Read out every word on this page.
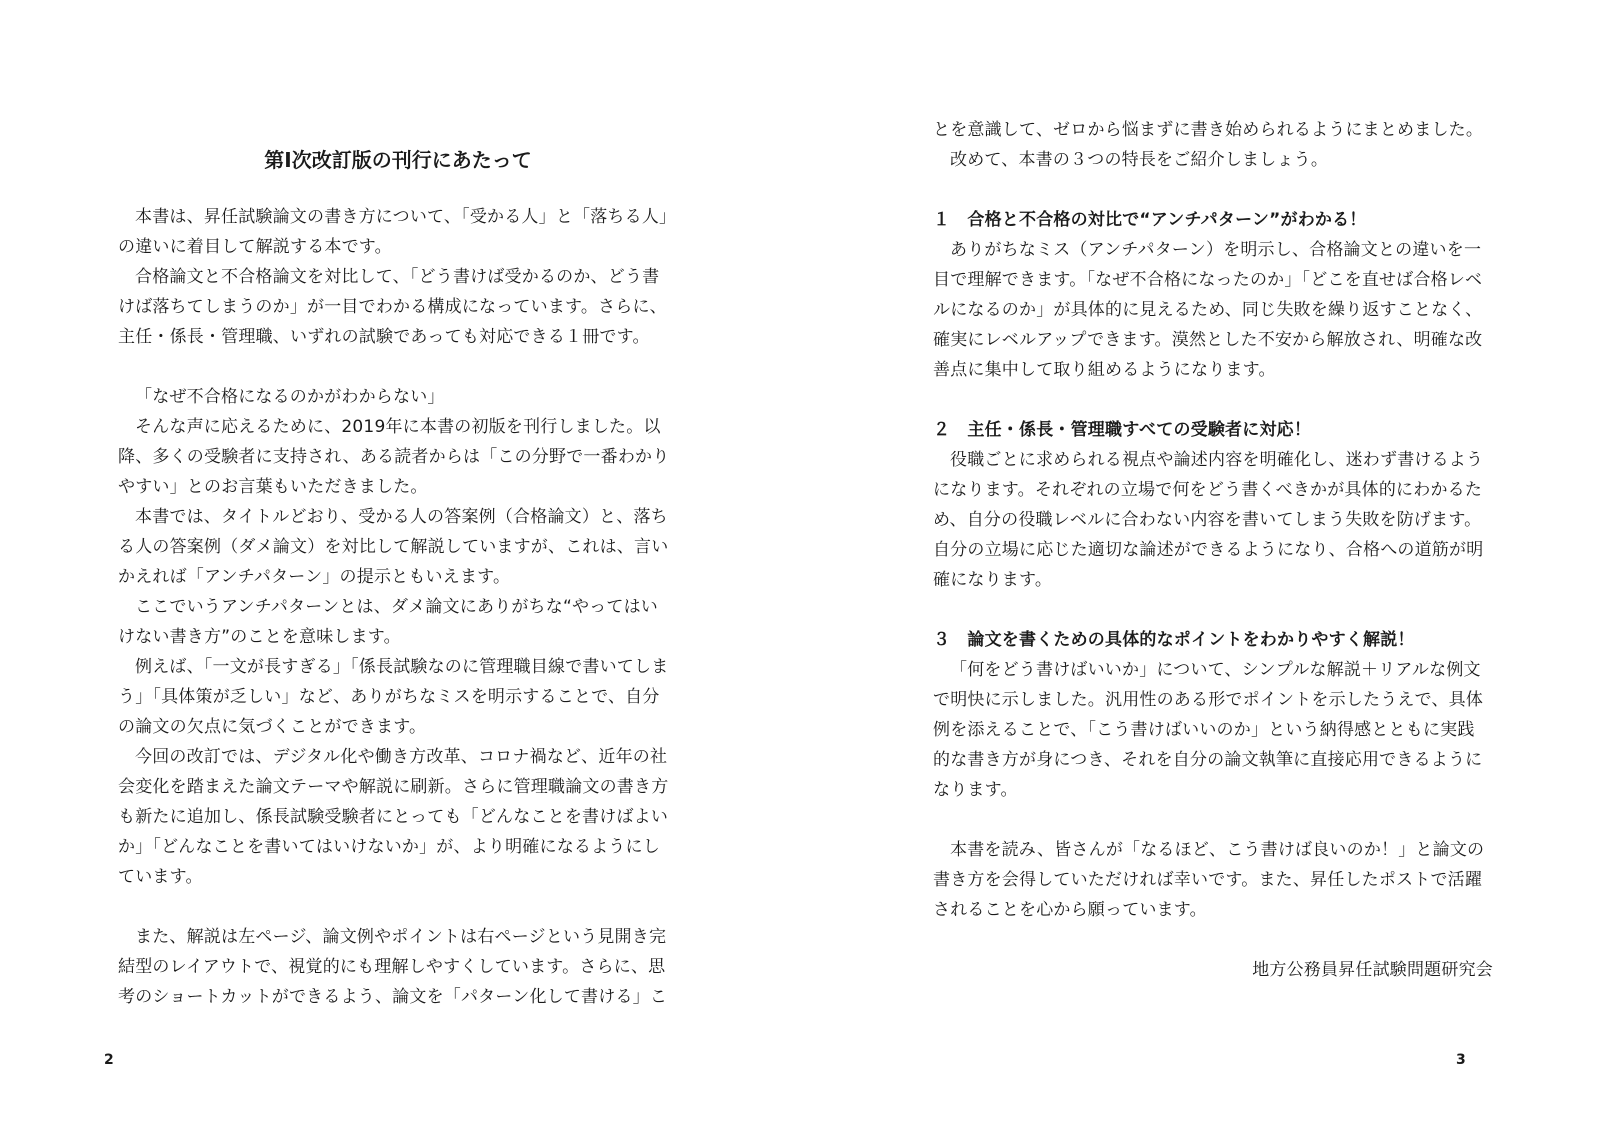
第Ⅰ次改訂版の刊行にあたって
本書は、昇任試験論文の書き方について、「受かる人」と「落ちる人」
の違いに着目して解説する本です。
合格論文と不合格論文を対比して、「どう書けば受かるのか、どう書
けば落ちてしまうのか」が一目でわかる構成になっています。さらに、
主任・係長・管理職、いずれの試験であっても対応できる１冊です。
「なぜ不合格になるのかがわからない」
そんな声に応えるために、2019年に本書の初版を刊行しました。以
降、多くの受験者に支持され、ある読者からは「この分野で一番わかり
やすい」とのお言葉もいただきました。
本書では、タイトルどおり、受かる人の答案例（合格論文）と、落ち
る人の答案例（ダメ論文）を対比して解説していますが、これは、言い
かえれば「アンチパターン」の提示ともいえます。
ここでいうアンチパターンとは、ダメ論文にありがちな“やってはい
けない書き方”のことを意味します。
例えば、「一文が長すぎる」「係長試験なのに管理職目線で書いてしま
う」「具体策が乏しい」など、ありがちなミスを明示することで、自分
の論文の欠点に気づくことができます。
今回の改訂では、デジタル化や働き方改革、コロナ禍など、近年の社
会変化を踏まえた論文テーマや解説に刷新。さらに管理職論文の書き方
も新たに追加し、係長試験受験者にとっても「どんなことを書けばよい
か」「どんなことを書いてはいけないか」が、より明確になるようにし
ています。
また、解説は左ページ、論文例やポイントは右ページという見開き完
結型のレイアウトで、視覚的にも理解しやすくしています。さらに、思
考のショートカットができるよう、論文を「パターン化して書ける」こ
2
とを意識して、ゼロから悩まずに書き始められるようにまとめました。
改めて、本書の３つの特長をご紹介しましょう。
１　合格と不合格の対比で“アンチパターン”がわかる！
ありがちなミス（アンチパターン）を明示し、合格論文との違いを一
目で理解できます。「なぜ不合格になったのか」「どこを直せば合格レベ
ルになるのか」が具体的に見えるため、同じ失敗を繰り返すことなく、
確実にレベルアップできます。漠然とした不安から解放され、明確な改
善点に集中して取り組めるようになります。
２　主任・係長・管理職すべての受験者に対応！
役職ごとに求められる視点や論述内容を明確化し、迷わず書けるよう
になります。それぞれの立場で何をどう書くべきかが具体的にわかるた
め、自分の役職レベルに合わない内容を書いてしまう失敗を防げます。
自分の立場に応じた適切な論述ができるようになり、合格への道筋が明
確になります。
３　論文を書くための具体的なポイントをわかりやすく解説！
「何をどう書けばいいか」について、シンプルな解説＋リアルな例文
で明快に示しました。汎用性のある形でポイントを示したうえで、具体
例を添えることで、「こう書けばいいのか」という納得感とともに実践
的な書き方が身につき、それを自分の論文執筆に直接応用できるように
なります。
本書を読み、皆さんが「なるほど、こう書けば良いのか！」と論文の
書き方を会得していただければ幸いです。また、昇任したポストで活躍
されることを心から願っています。
地方公務員昇任試験問題研究会
3
